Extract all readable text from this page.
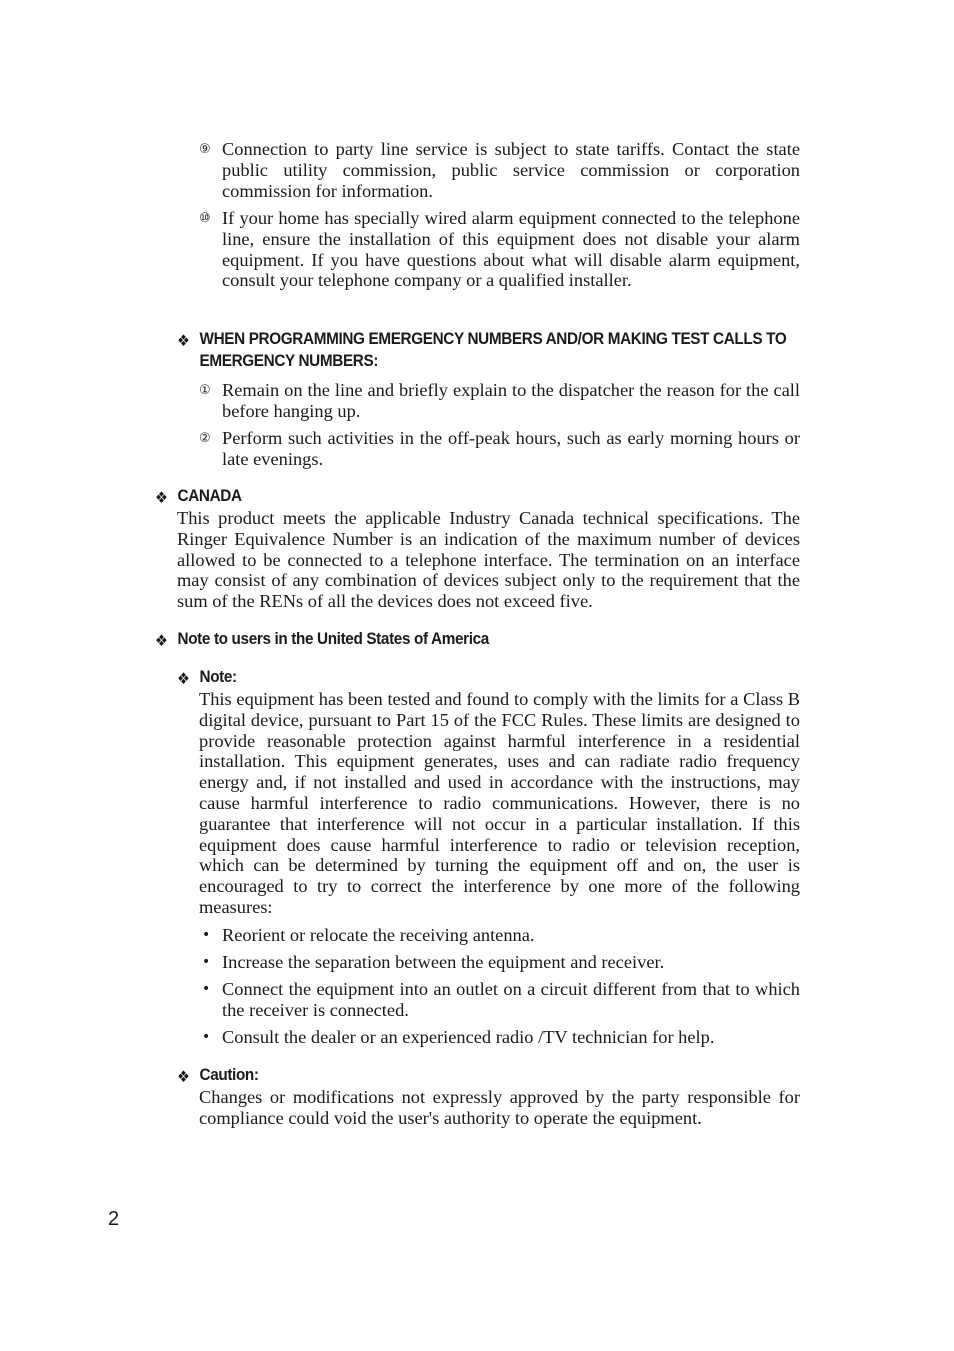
⑨ Connection to party line service is subject to state tariffs. Contact the state public utility commission, public service commission or corporation commission for information.
⑩ If your home has specially wired alarm equipment connected to the telephone line, ensure the installation of this equipment does not disable your alarm equipment. If you have questions about what will disable alarm equipment, consult your telephone company or a qualified installer.
❖ WHEN PROGRAMMING EMERGENCY NUMBERS AND/OR MAKING TEST CALLS TO EMERGENCY NUMBERS:
① Remain on the line and briefly explain to the dispatcher the reason for the call before hanging up.
② Perform such activities in the off-peak hours, such as early morning hours or late evenings.
❖ CANADA
This product meets the applicable Industry Canada technical specifications. The Ringer Equivalence Number is an indication of the maximum number of devices allowed to be connected to a telephone interface. The termination on an interface may consist of any combination of devices subject only to the requirement that the sum of the RENs of all the devices does not exceed five.
❖ Note to users in the United States of America
❖ Note:
This equipment has been tested and found to comply with the limits for a Class B digital device, pursuant to Part 15 of the FCC Rules. These limits are designed to provide reasonable protection against harmful interference in a residential installation. This equipment generates, uses and can radiate radio frequency energy and, if not installed and used in accordance with the instructions, may cause harmful interference to radio communications. However, there is no guarantee that interference will not occur in a particular installation. If this equipment does cause harmful interference to radio or television reception, which can be determined by turning the equipment off and on, the user is encouraged to try to correct the interference by one more of the following measures:
• Reorient or relocate the receiving antenna.
• Increase the separation between the equipment and receiver.
• Connect the equipment into an outlet on a circuit different from that to which the receiver is connected.
• Consult the dealer or an experienced radio /TV technician for help.
❖ Caution:
Changes or modifications not expressly approved by the party responsible for compliance could void the user's authority to operate the equipment.
2
